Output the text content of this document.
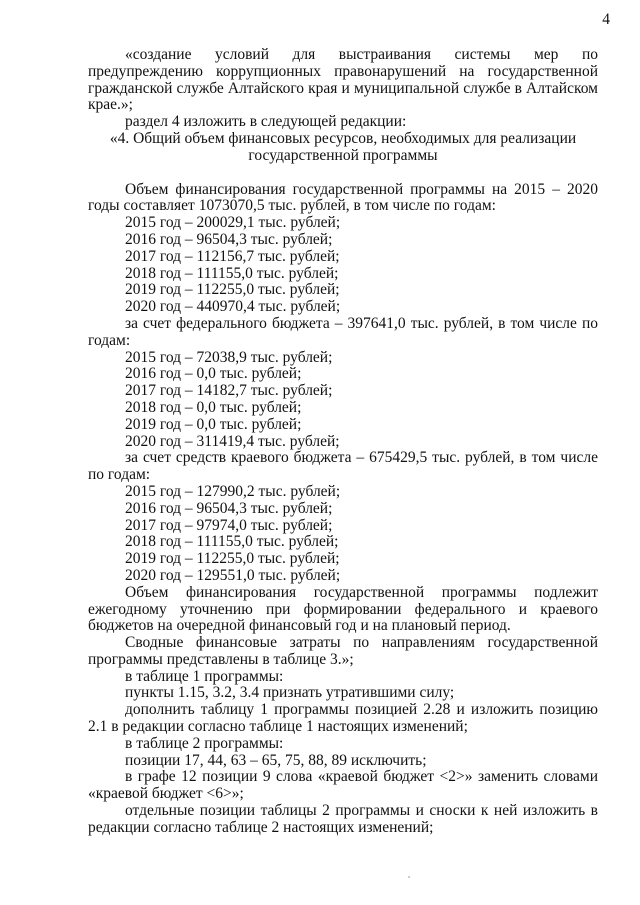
4

«создание условий для выстраивания системы мер по предупреждению коррупционных правонарушений на государственной гражданской службе Алтайского края и муниципальной службе в Алтайском крае.»;

раздел 4 изложить в следующей редакции:

«4. Общий объем финансовых ресурсов, необходимых для реализации

государственной программы

Объем финансирования государственной программы на 2015 – 2020 годы составляет 1073070,5 тыс. рублей, в том числе по годам:

2015 год – 200029,1 тыс. рублей;

2016 год – 96504,3 тыс. рублей;

2017 год – 112156,7 тыс. рублей;

2018 год – 111155,0 тыс. рублей;

2019 год – 112255,0 тыс. рублей;

2020 год – 440970,4 тыс. рублей;

за счет федерального бюджета – 397641,0 тыс. рублей, в том числе по годам:

2015 год – 72038,9 тыс. рублей;

2016 год – 0,0 тыс. рублей;

2017 год – 14182,7 тыс. рублей;

2018 год – 0,0 тыс. рублей;

2019 год – 0,0 тыс. рублей;

2020 год – 311419,4 тыс. рублей;

за счет средств краевого бюджета – 675429,5 тыс. рублей, в том числе по годам:

2015 год – 127990,2 тыс. рублей;

2016 год – 96504,3 тыс. рублей;

2017 год – 97974,0 тыс. рублей;

2018 год – 111155,0 тыс. рублей;

2019 год – 112255,0 тыс. рублей;

2020 год – 129551,0 тыс. рублей;

Объем финансирования государственной программы подлежит ежегодному уточнению при формировании федерального и краевого бюджетов на очередной финансовый год и на плановый период.

Сводные финансовые затраты по направлениям государственной программы представлены в таблице 3.»;

в таблице 1 программы:

пункты 1.15, 3.2, 3.4 признать утратившими силу;

дополнить таблицу 1 программы позицией 2.28 и изложить позицию 2.1 в редакции согласно таблице 1 настоящих изменений;

в таблице 2 программы:

позиции 17, 44, 63 – 65, 75, 88, 89 исключить;

в графе 12 позиции 9 слова «краевой бюджет <2>» заменить словами «краевой бюджет <6>»;

отдельные позиции таблицы 2 программы и сноски к ней изложить в редакции согласно таблице 2 настоящих изменений;
